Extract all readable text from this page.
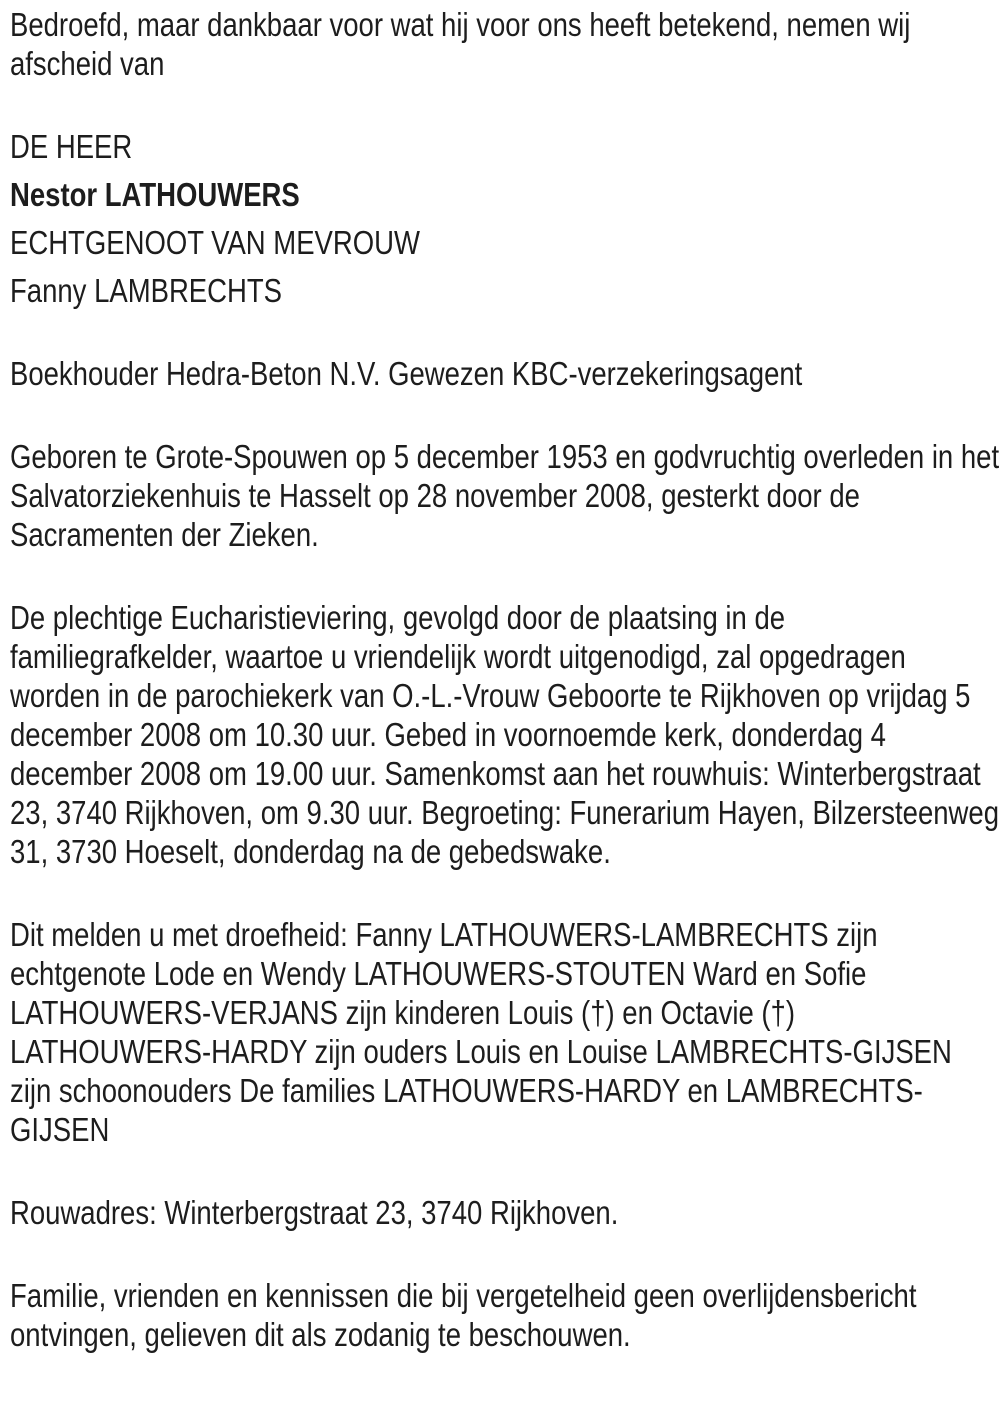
Bedroefd, maar dankbaar voor wat hij voor ons heeft betekend, nemen wij afscheid van

DE HEER

Nestor LATHOUWERS

ECHTGENOOT VAN MEVROUW

Fanny LAMBRECHTS

Boekhouder Hedra-Beton N.V. Gewezen KBC-verzekeringsagent

Geboren te Grote-Spouwen op 5 december 1953 en godvruchtig overleden in het Salvatorziekenhuis te Hasselt op 28 november 2008, gesterkt door de Sacramenten der Zieken.

De plechtige Eucharistieviering, gevolgd door de plaatsing in de familiegrafkelder, waartoe u vriendelijk wordt uitgenodigd, zal opgedragen worden in de parochiekerk van O.-L.-Vrouw Geboorte te Rijkhoven op vrijdag 5 december 2008 om 10.30 uur. Gebed in voornoemde kerk, donderdag 4 december 2008 om 19.00 uur. Samenkomst aan het rouwhuis: Winterbergstraat 23, 3740 Rijkhoven, om 9.30 uur. Begroeting: Funerarium Hayen, Bilzersteenweg 31, 3730 Hoeselt, donderdag na de gebedswake.

Dit melden u met droefheid: Fanny LATHOUWERS-LAMBRECHTS zijn echtgenote Lode en Wendy LATHOUWERS-STOUTEN Ward en Sofie LATHOUWERS-VERJANS zijn kinderen Louis (†) en Octavie (†) LATHOUWERS-HARDY zijn ouders Louis en Louise LAMBRECHTS-GIJSEN zijn schoonouders De families LATHOUWERS-HARDY en LAMBRECHTS-GIJSEN

Rouwadres: Winterbergstraat 23, 3740 Rijkhoven.

Familie, vrienden en kennissen die bij vergetelheid geen overlijdensbericht ontvingen, gelieven dit als zodanig te beschouwen.
